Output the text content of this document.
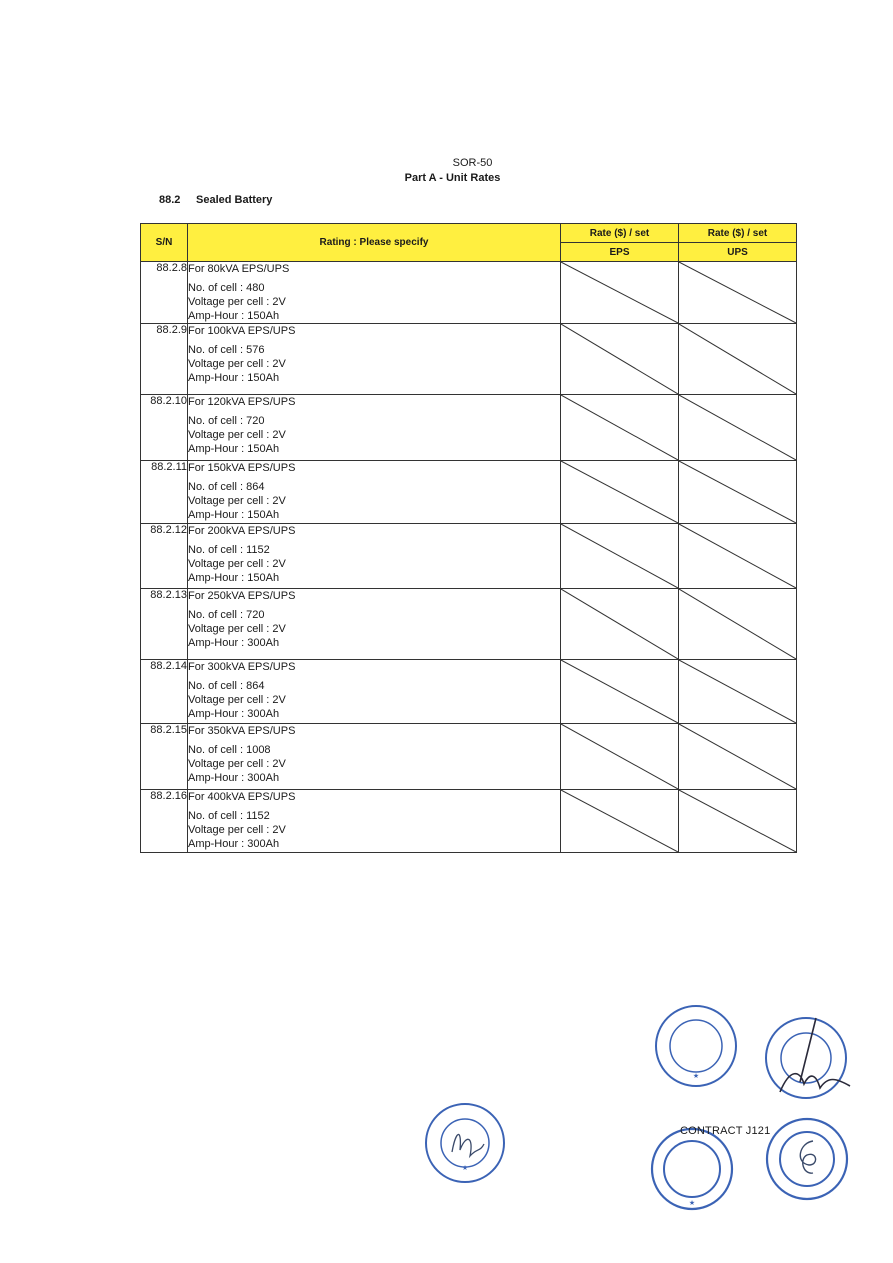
SOR-50
Part A - Unit Rates
88.2 Sealed Battery
S/N	Rating : Please specify	Rate ($) / set	Rate ($) / set
		EPS	UPS
88.2.8	For 80kVA EPS/UPS
No. of cell : 480
Voltage per cell : 2V
Amp-Hour : 150Ah

88.2.9	For 100kVA EPS/UPS
No. of cell : 576
Voltage per cell : 2V
Amp-Hour : 150Ah

88.2.10	For 120kVA EPS/UPS
No. of cell : 720
Voltage per cell : 2V
Amp-Hour : 150Ah

88.2.11	For 150kVA EPS/UPS
No. of cell : 864
Voltage per cell : 2V
Amp-Hour : 150Ah

88.2.12	For 200kVA EPS/UPS
No. of cell : 1152
Voltage per cell : 2V
Amp-Hour : 150Ah

88.2.13	For 250kVA EPS/UPS
No. of cell : 720
Voltage per cell : 2V
Amp-Hour : 300Ah

88.2.14	For 300kVA EPS/UPS
No. of cell : 864
Voltage per cell : 2V
Amp-Hour : 300Ah

88.2.15	For 350kVA EPS/UPS
No. of cell : 1008
Voltage per cell : 2V
Amp-Hour : 300Ah

88.2.16	For 400kVA EPS/UPS
No. of cell : 1152
Voltage per cell : 2V
Amp-Hour : 300Ah

★
★
★
CONTRACT J121
